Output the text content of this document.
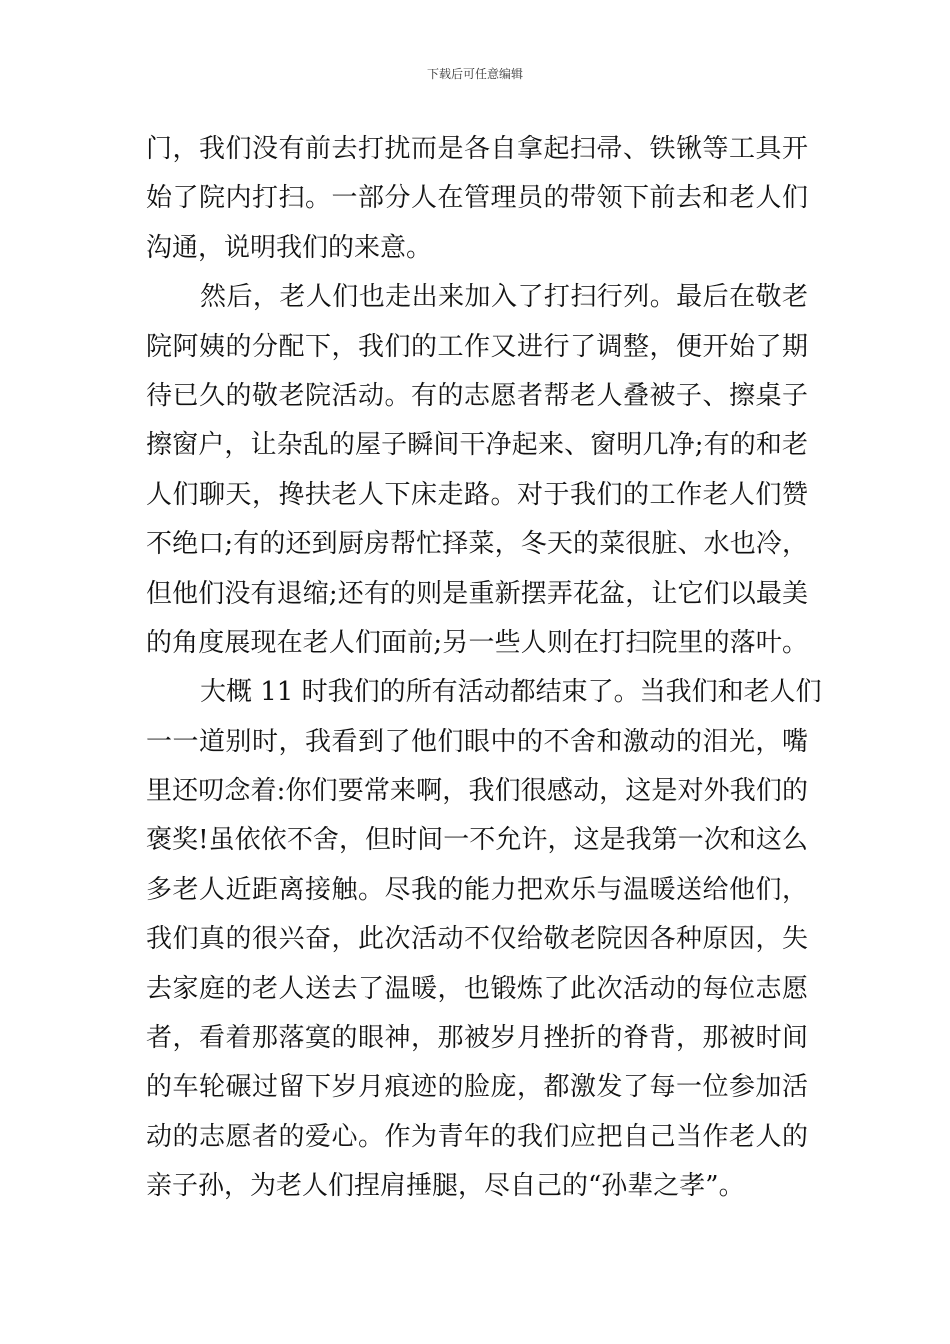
下载后可任意编辑
门，我们没有前去打扰而是各自拿起扫帚、铁锹等工具开
始了院内打扫。一部分人在管理员的带领下前去和老人们
沟通，说明我们的来意。
然后，老人们也走出来加入了打扫行列。最后在敬老
院阿姨的分配下，我们的工作又进行了调整，便开始了期
待已久的敬老院活动。有的志愿者帮老人叠被子、擦桌子
擦窗户，让杂乱的屋子瞬间干净起来、窗明几净;有的和老
人们聊天，搀扶老人下床走路。对于我们的工作老人们赞
不绝口;有的还到厨房帮忙择菜，冬天的菜很脏、水也冷，
但他们没有退缩;还有的则是重新摆弄花盆，让它们以最美
的角度展现在老人们面前;另一些人则在打扫院里的落叶。
大概 11 时我们的所有活动都结束了。当我们和老人们
一一道别时，我看到了他们眼中的不舍和激动的泪光，嘴
里还叨念着:你们要常来啊，我们很感动，这是对外我们的
褒奖!虽依依不舍，但时间一不允许，这是我第一次和这么
多老人近距离接触。尽我的能力把欢乐与温暖送给他们，
我们真的很兴奋，此次活动不仅给敬老院因各种原因，失
去家庭的老人送去了温暖，也锻炼了此次活动的每位志愿
者，看着那落寞的眼神，那被岁月挫折的脊背，那被时间
的车轮碾过留下岁月痕迹的脸庞，都激发了每一位参加活
动的志愿者的爱心。作为青年的我们应把自己当作老人的
亲子孙，为老人们捏肩捶腿，尽自己的“孙辈之孝”。
